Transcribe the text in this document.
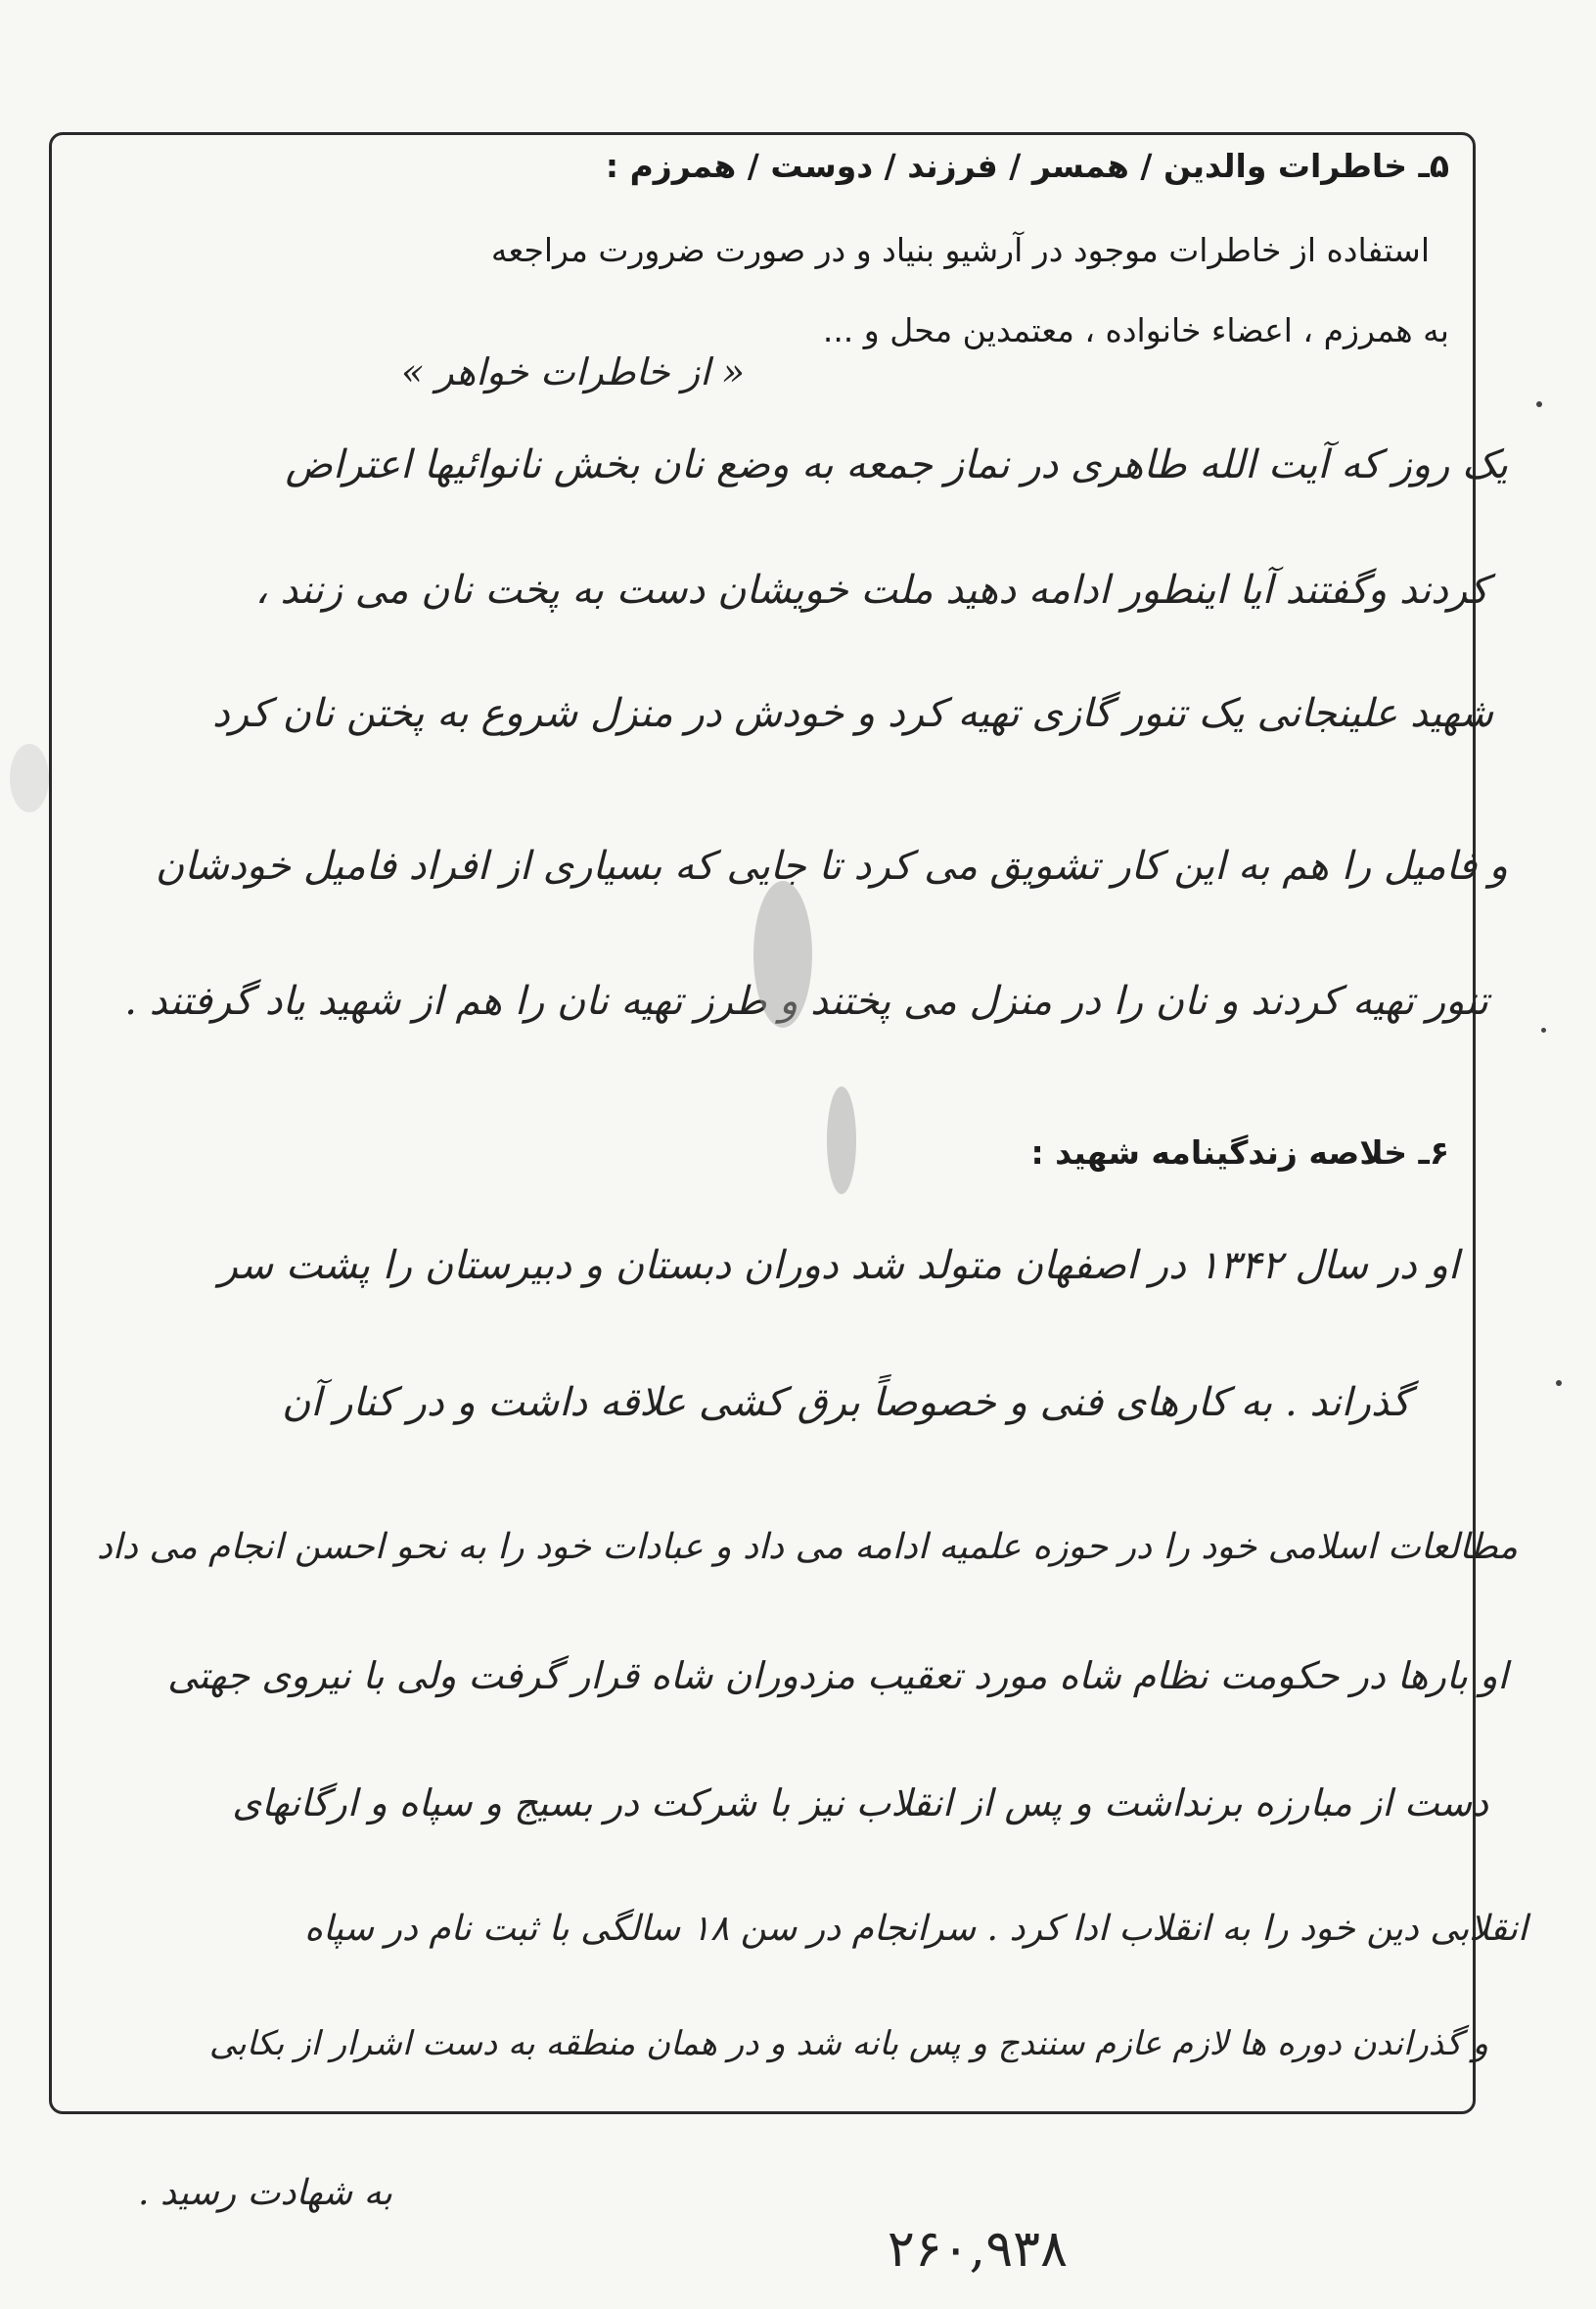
۵ـ خاطرات والدین / همسر / فرزند / دوست / همرزم :
استفاده از خاطرات موجود در آرشیو بنیاد و در صورت ضرورت مراجعه
به همرزم ، اعضاء خانواده ، معتمدین محل و ...
« از خاطرات خواهر »
یک روز که آیت الله طاهری در نماز جمعه به وضع نان بخش نانوائیها اعتراض
کردند وگفتند آیا اینطور ادامه دهید ملت خویشان دست به پخت نان می زنند ،
شهید علینجانی یک تنور گازی تهیه کرد و خودش در منزل شروع به پختن نان کرد
و فامیل را هم به این کار تشویق می کرد تا جایی که بسیاری از افراد فامیل خودشان
تنور تهیه کردند و نان را در منزل می پختند و طرز تهیه نان را هم از شهید یاد گرفتند .
۶ـ خلاصه زندگینامه شهید :
او در سال ۱۳۴۲ در اصفهان متولد شد دوران دبستان و دبیرستان را پشت سر
گذراند . به کارهای فنی و خصوصاً برق کشی علاقه داشت و در کنار آن
مطالعات اسلامی خود را در حوزه علمیه ادامه می داد و عبادات خود را به نحو احسن انجام می داد
او بارها در حکومت نظام شاه مورد تعقیب مزدوران شاه قرار گرفت ولی با نیروی جهتی
دست از مبارزه برنداشت و پس از انقلاب نیز با شرکت در بسیج و سپاه و ارگانهای
انقلابی دین خود را به انقلاب ادا کرد . سرانجام در سن ۱۸ سالگی با ثبت نام در سپاه
و گذراندن دوره ها لازم عازم سنندج و پس بانه شد و در همان منطقه به دست اشرار از بکابی
به شهادت رسید .
۲۶۰,۹۳۸
